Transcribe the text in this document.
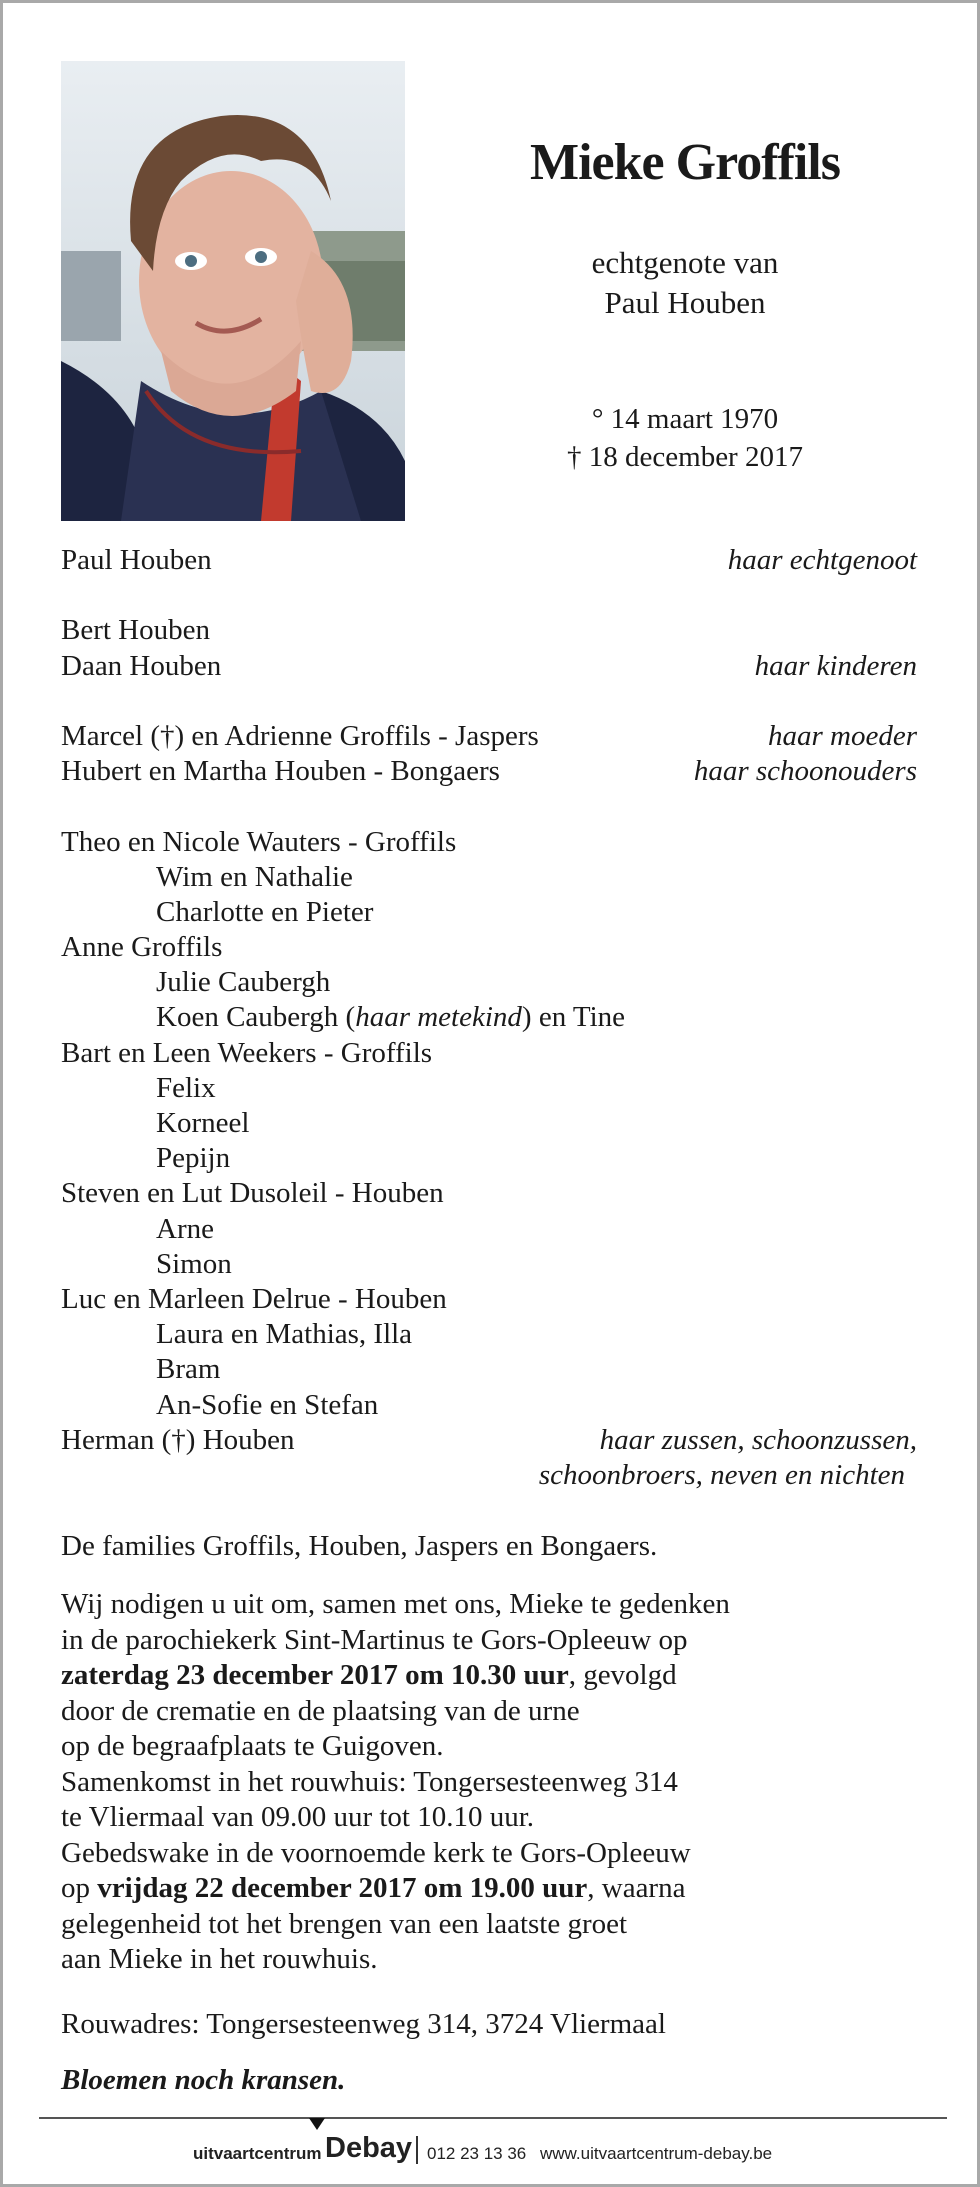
Mieke Groffils
echtgenote van
Paul Houben
° 14 maart 1970
† 18 december 2017
Paul Houben	haar echtgenoot
Bert Houben
Daan Houben	haar kinderen
Marcel (†) en Adrienne Groffils - Jaspers	haar moeder
Hubert en Martha Houben - Bongaers	haar schoonouders
Theo en Nicole Wauters - Groffils
Wim en Nathalie
Charlotte en Pieter
Anne Groffils
Julie Caubergh
Koen Caubergh (haar metekind) en Tine
Bart en Leen Weekers - Groffils
Felix
Korneel
Pepijn
Steven en Lut Dusoleil - Houben
Arne
Simon
Luc en Marleen Delrue - Houben
Laura en Mathias, Illa
Bram
An-Sofie en Stefan
Herman (†) Houben	haar zussen, schoonzussen,
schoonbroers, neven en nichten
De families Groffils, Houben, Jaspers en Bongaers.
Wij nodigen u uit om, samen met ons, Mieke te gedenken
in de parochiekerk Sint-Martinus te Gors-Opleeuw op
zaterdag 23 december 2017 om 10.30 uur, gevolgd
door de crematie en de plaatsing van de urne
op de begraafplaats te Guigoven.
Samenkomst in het rouwhuis: Tongersesteenweg 314
te Vliermaal van 09.00 uur tot 10.10 uur.
Gebedswake in de voornoemde kerk te Gors-Opleeuw
op vrijdag 22 december 2017 om 19.00 uur, waarna
gelegenheid tot het brengen van een laatste groet
aan Mieke in het rouwhuis.
Rouwadres: Tongersesteenweg 314, 3724 Vliermaal
Bloemen noch kransen.
uitvaartcentrum Debay 012 23 13 36 www.uitvaartcentrum-debay.be
